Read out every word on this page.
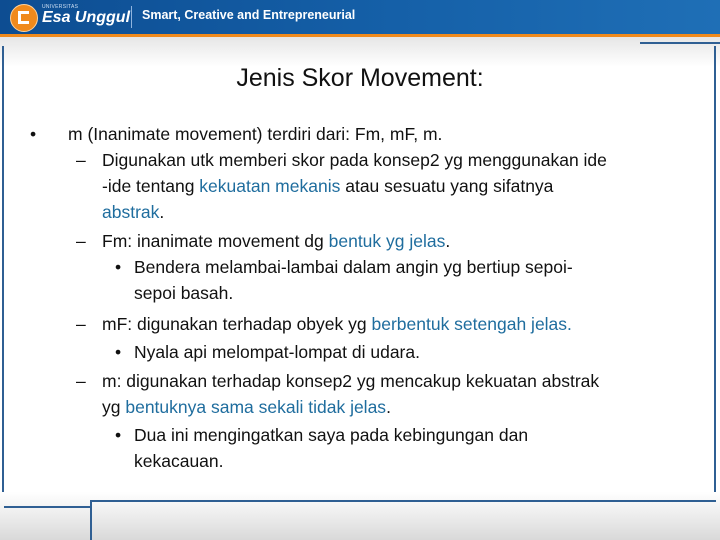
UNIVERSITAS
Esa Unggul Smart, Creative and Entrepreneurial
Jenis Skor Movement:
• m (Inanimate movement) terdiri dari: Fm, mF, m.
– Digunakan utk memberi skor pada konsep2 yg menggunakan ide
-ide tentang kekuatan mekanis atau sesuatu yang sifatnya
abstrak.
– Fm: inanimate movement dg bentuk yg jelas.
• Bendera melambai-lambai dalam angin yg bertiup sepoi-
sepoi basah.
– mF: digunakan terhadap obyek yg berbentuk setengah jelas.
• Nyala api melompat-lompat di udara.
– m: digunakan terhadap konsep2 yg mencakup kekuatan abstrak
yg bentuknya sama sekali tidak jelas.
• Dua ini mengingatkan saya pada kebingungan dan
kekacauan.
